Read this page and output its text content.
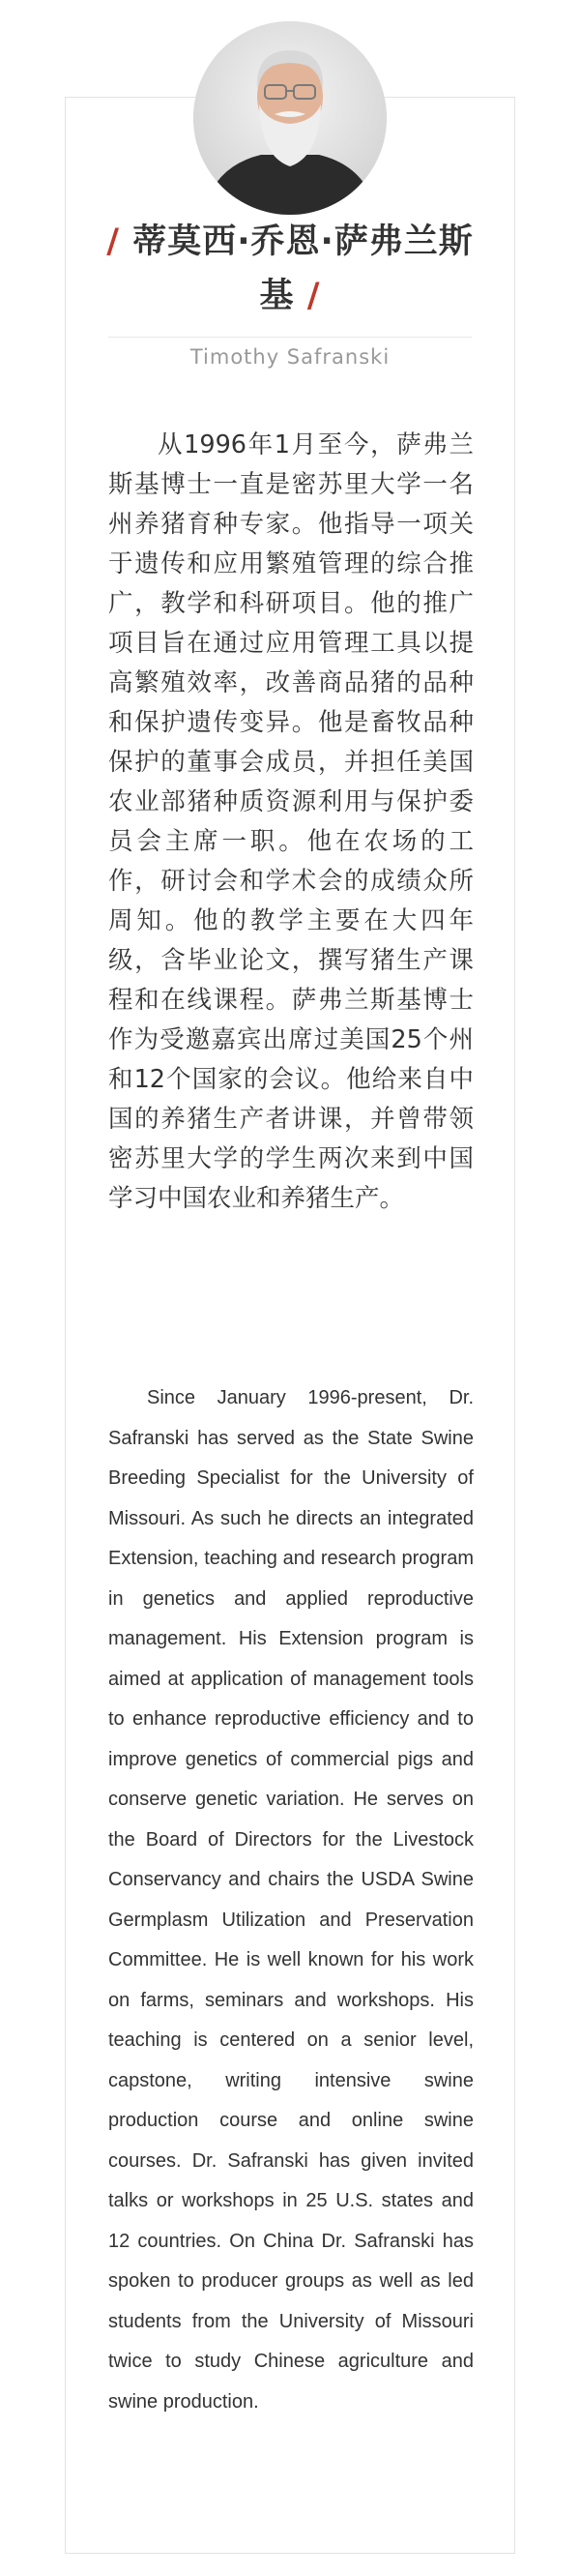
/ 蒂莫西·乔恩·萨弗兰斯基 /
Timothy Safranski

从1996年1月至今，萨弗兰斯基博士一直是密苏里大学一名州养猪育种专家。他指导一项关于遗传和应用繁殖管理的综合推广，教学和科研项目。他的推广项目旨在通过应用管理工具以提高繁殖效率，改善商品猪的品种和保护遗传变异。他是畜牧品种保护的董事会成员，并担任美国农业部猪种质资源利用与保护委员会主席一职。他在农场的工作，研讨会和学术会的成绩众所周知。他的教学主要在大四年级，含毕业论文，撰写猪生产课程和在线课程。萨弗兰斯基博士作为受邀嘉宾出席过美国25个州和12个国家的会议。他给来自中国的养猪生产者讲课，并曾带领密苏里大学的学生两次来到中国学习中国农业和养猪生产。

Since January 1996-present, Dr. Safranski has served as the State Swine Breeding Specialist for the University of Missouri. As such he directs an integrated Extension, teaching and research program in genetics and applied reproductive management. His Extension program is aimed at application of management tools to enhance reproductive efficiency and to improve genetics of commercial pigs and conserve genetic variation. He serves on the Board of Directors for the Livestock Conservancy and chairs the USDA Swine Germplasm Utilization and Preservation Committee. He is well known for his work on farms, seminars and workshops. His teaching is centered on a senior level, capstone, writing intensive swine production course and online swine courses. Dr. Safranski has given invited talks or workshops in 25 U.S. states and 12 countries. On China Dr. Safranski has spoken to producer groups as well as led students from the University of Missouri twice to study Chinese agriculture and swine production.
